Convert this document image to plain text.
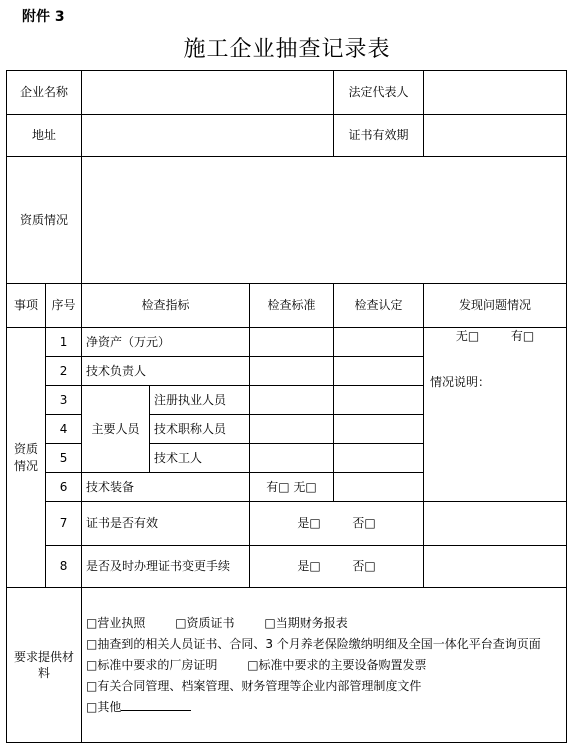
附件 3
施工企业抽查记录表
企业名称					法定代表人	
地址					证书有效期	
资质情况						
事项	序号	检查指标		检查标准	检查认定	发现问题情况
资质情况	1	净资产（万元）				无□ 有□
情况说明：

	2	技术负责人				
	3	主要人员	注册执业人员			
	4		技术职称人员			
	5		技术工人			
	6	技术装备		有□ 无□		
	7	证书是否有效		是□ 否□		
	8	是否及时办理证书变更手续		是□ 否□		
要求提供材料		□营业执照 □资质证书 □当期财务报表
□抽查到的相关人员证书、合同、3 个月养老保险缴纳明细及全国一体化平台查询页面
□标准中要求的厂房证明 □标准中要求的主要设备购置发票
□有关合同管理、档案管理、财务管理等企业内部管理制度文件
□其他				
